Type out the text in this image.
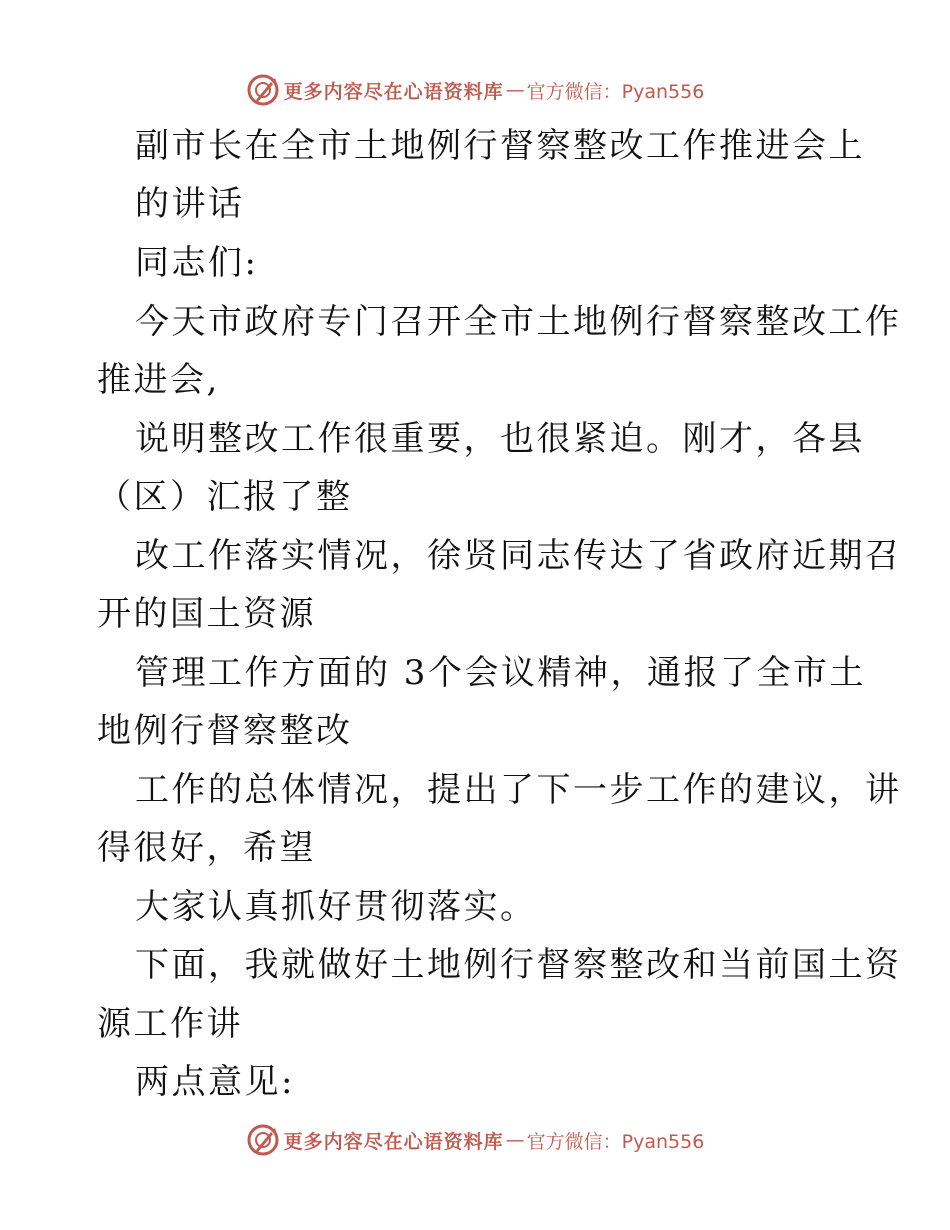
更多内容尽在心语资料库 — 官方微信：Pyan556
副市长在全市土地例行督察整改工作推进会上
的讲话
同志们:
今天市政府专门召开全市土地例行督察整改工作
推进会,
说明整改工作很重要，也很紧迫。刚才，各县
（区）汇报了整
改工作落实情况，徐贤同志传达了省政府近期召
开的国土资源
管理工作方面的 3个会议精神，通报了全市土
地例行督察整改
工作的总体情况，提出了下一步工作的建议，讲
得很好，希望
大家认真抓好贯彻落实。
下面，我就做好土地例行督察整改和当前国土资
源工作讲
两点意见:
更多内容尽在心语资料库 — 官方微信：Pyan556
